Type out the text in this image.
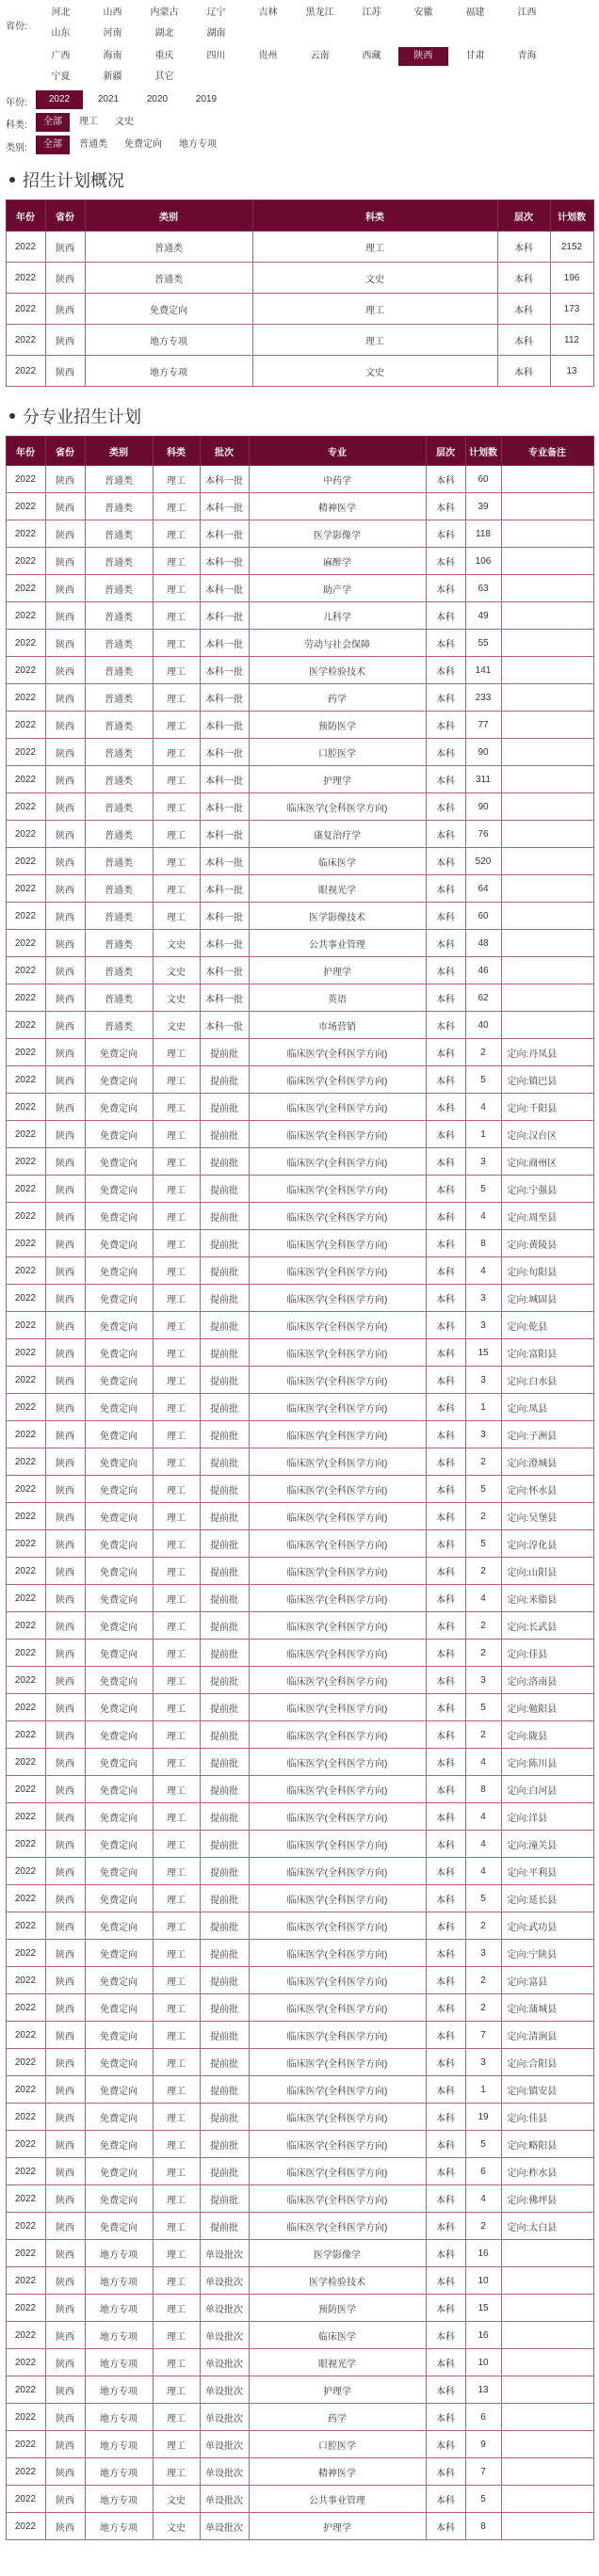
省份:
河北	山西	内蒙古	辽宁	吉林	黑龙江	江苏	安徽	福建	江西
山东	河南	湖北	湖南
广西	海南	重庆	四川	贵州	云南	西藏	陕西	甘肃	青海
宁夏	新疆	其它
年份:	2022	2021	2020	2019
科类:	全部	理工	文史
类别:	全部	普通类	免费定向	地方专项
招生计划概况
年份	省份	类别	科类	层次	计划数
2022	陕西	普通类	理工	本科	2152
2022	陕西	普通类	文史	本科	196
2022	陕西	免费定向	理工	本科	173
2022	陕西	地方专项	理工	本科	112
2022	陕西	地方专项	文史	本科	13
分专业招生计划
年份	省份	类别	科类	批次	专业	层次	计划数	专业备注
2022	陕西	普通类	理工	本科一批	中药学	本科	60	
2022	陕西	普通类	理工	本科一批	精神医学	本科	39	
2022	陕西	普通类	理工	本科一批	医学影像学	本科	118	
2022	陕西	普通类	理工	本科一批	麻醉学	本科	106	
2022	陕西	普通类	理工	本科一批	助产学	本科	63	
2022	陕西	普通类	理工	本科一批	儿科学	本科	49	
2022	陕西	普通类	理工	本科一批	劳动与社会保障	本科	55	
2022	陕西	普通类	理工	本科一批	医学检验技术	本科	141	
2022	陕西	普通类	理工	本科一批	药学	本科	233	
2022	陕西	普通类	理工	本科一批	预防医学	本科	77	
2022	陕西	普通类	理工	本科一批	口腔医学	本科	90	
2022	陕西	普通类	理工	本科一批	护理学	本科	311	
2022	陕西	普通类	理工	本科一批	临床医学(全科医学方向)	本科	90	
2022	陕西	普通类	理工	本科一批	康复治疗学	本科	76	
2022	陕西	普通类	理工	本科一批	临床医学	本科	520	
2022	陕西	普通类	理工	本科一批	眼视光学	本科	64	
2022	陕西	普通类	理工	本科一批	医学影像技术	本科	60	
2022	陕西	普通类	文史	本科一批	公共事业管理	本科	48	
2022	陕西	普通类	文史	本科一批	护理学	本科	46	
2022	陕西	普通类	文史	本科一批	英语	本科	62	
2022	陕西	普通类	文史	本科一批	市场营销	本科	40	
2022	陕西	免费定向	理工	提前批	临床医学(全科医学方向)	本科	2	定向:丹凤县
2022	陕西	免费定向	理工	提前批	临床医学(全科医学方向)	本科	5	定向:镇巴县
2022	陕西	免费定向	理工	提前批	临床医学(全科医学方向)	本科	4	定向:千阳县
2022	陕西	免费定向	理工	提前批	临床医学(全科医学方向)	本科	1	定向:汉台区
2022	陕西	免费定向	理工	提前批	临床医学(全科医学方向)	本科	3	定向:商州区
2022	陕西	免费定向	理工	提前批	临床医学(全科医学方向)	本科	5	定向:宁强县
2022	陕西	免费定向	理工	提前批	临床医学(全科医学方向)	本科	4	定向:周至县
2022	陕西	免费定向	理工	提前批	临床医学(全科医学方向)	本科	8	定向:黄陵县
2022	陕西	免费定向	理工	提前批	临床医学(全科医学方向)	本科	4	定向:旬阳县
2022	陕西	免费定向	理工	提前批	临床医学(全科医学方向)	本科	3	定向:城固县
2022	陕西	免费定向	理工	提前批	临床医学(全科医学方向)	本科	3	定向:乾县
2022	陕西	免费定向	理工	提前批	临床医学(全科医学方向)	本科	15	定向:富阳县
2022	陕西	免费定向	理工	提前批	临床医学(全科医学方向)	本科	3	定向:白水县
2022	陕西	免费定向	理工	提前批	临床医学(全科医学方向)	本科	1	定向:凤县
2022	陕西	免费定向	理工	提前批	临床医学(全科医学方向)	本科	3	定向:子洲县
2022	陕西	免费定向	理工	提前批	临床医学(全科医学方向)	本科	2	定向:澄城县
2022	陕西	免费定向	理工	提前批	临床医学(全科医学方向)	本科	5	定向:怀水县
2022	陕西	免费定向	理工	提前批	临床医学(全科医学方向)	本科	2	定向:吴堡县
2022	陕西	免费定向	理工	提前批	临床医学(全科医学方向)	本科	5	定向:淳化县
2022	陕西	免费定向	理工	提前批	临床医学(全科医学方向)	本科	2	定向:山阳县
2022	陕西	免费定向	理工	提前批	临床医学(全科医学方向)	本科	4	定向:米脂县
2022	陕西	免费定向	理工	提前批	临床医学(全科医学方向)	本科	2	定向:长武县
2022	陕西	免费定向	理工	提前批	临床医学(全科医学方向)	本科	2	定向:佳县
2022	陕西	免费定向	理工	提前批	临床医学(全科医学方向)	本科	3	定向:洛南县
2022	陕西	免费定向	理工	提前批	临床医学(全科医学方向)	本科	5	定向:勉阳县
2022	陕西	免费定向	理工	提前批	临床医学(全科医学方向)	本科	2	定向:陇县
2022	陕西	免费定向	理工	提前批	临床医学(全科医学方向)	本科	4	定向:陈川县
2022	陕西	免费定向	理工	提前批	临床医学(全科医学方向)	本科	8	定向:白河县
2022	陕西	免费定向	理工	提前批	临床医学(全科医学方向)	本科	4	定向:洋县
2022	陕西	免费定向	理工	提前批	临床医学(全科医学方向)	本科	4	定向:潼关县
2022	陕西	免费定向	理工	提前批	临床医学(全科医学方向)	本科	4	定向:平利县
2022	陕西	免费定向	理工	提前批	临床医学(全科医学方向)	本科	5	定向:延长县
2022	陕西	免费定向	理工	提前批	临床医学(全科医学方向)	本科	2	定向:武功县
2022	陕西	免费定向	理工	提前批	临床医学(全科医学方向)	本科	3	定向:宁陕县
2022	陕西	免费定向	理工	提前批	临床医学(全科医学方向)	本科	2	定向:富县
2022	陕西	免费定向	理工	提前批	临床医学(全科医学方向)	本科	2	定向:蒲城县
2022	陕西	免费定向	理工	提前批	临床医学(全科医学方向)	本科	7	定向:清涧县
2022	陕西	免费定向	理工	提前批	临床医学(全科医学方向)	本科	3	定向:合阳县
2022	陕西	免费定向	理工	提前批	临床医学(全科医学方向)	本科	1	定向:镇安县
2022	陕西	免费定向	理工	提前批	临床医学(全科医学方向)	本科	19	定向:佳县
2022	陕西	免费定向	理工	提前批	临床医学(全科医学方向)	本科	5	定向:略阳县
2022	陕西	免费定向	理工	提前批	临床医学(全科医学方向)	本科	6	定向:柞水县
2022	陕西	免费定向	理工	提前批	临床医学(全科医学方向)	本科	4	定向:佛坪县
2022	陕西	免费定向	理工	提前批	临床医学(全科医学方向)	本科	2	定向:太白县
2022	陕西	地方专项	理工	单设批次	医学影像学	本科	16	
2022	陕西	地方专项	理工	单设批次	医学检验技术	本科	10	
2022	陕西	地方专项	理工	单设批次	预防医学	本科	15	
2022	陕西	地方专项	理工	单设批次	临床医学	本科	16	
2022	陕西	地方专项	理工	单设批次	眼视光学	本科	10	
2022	陕西	地方专项	理工	单设批次	护理学	本科	13	
2022	陕西	地方专项	理工	单设批次	药学	本科	6	
2022	陕西	地方专项	理工	单设批次	口腔医学	本科	9	
2022	陕西	地方专项	理工	单设批次	精神医学	本科	7	
2022	陕西	地方专项	文史	单设批次	公共事业管理	本科	5	
2022	陕西	地方专项	文史	单设批次	护理学	本科	8	
